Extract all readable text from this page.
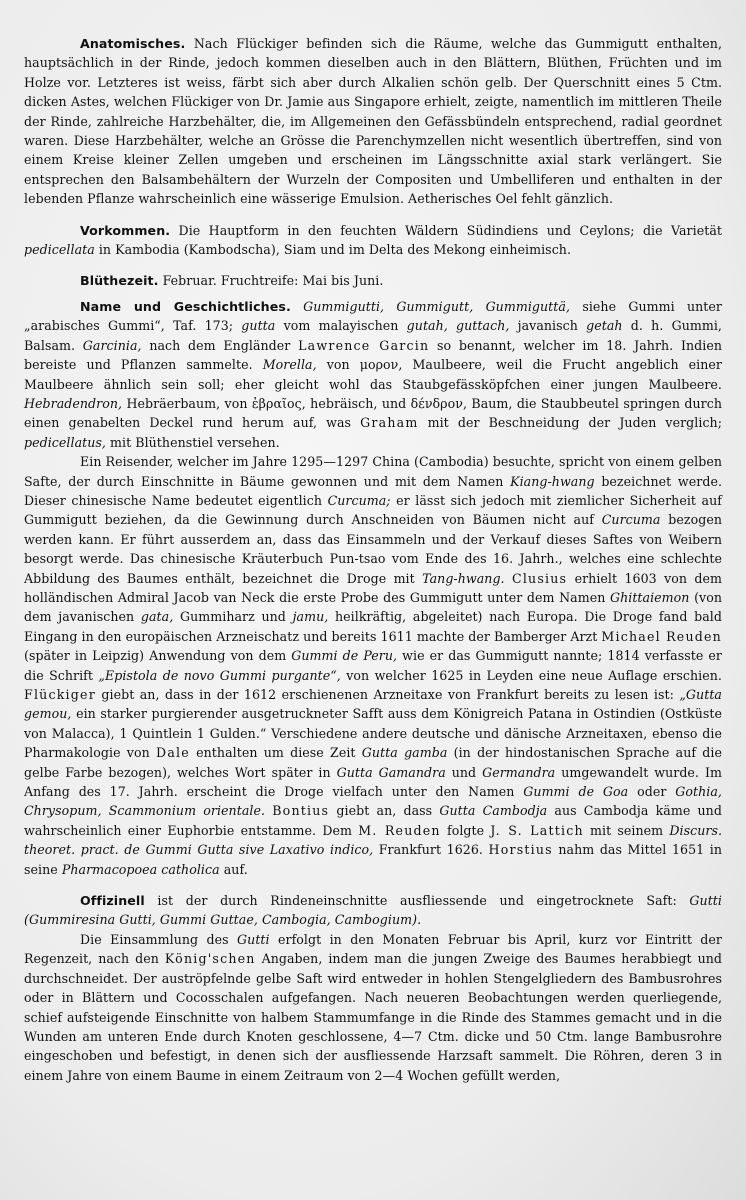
Anatomisches. Nach Flückiger befinden sich die Räume, welche das Gummigutt enthalten, hauptsächlich in der Rinde, jedoch kommen dieselben auch in den Blättern, Blüthen, Früchten und im Holze vor. Letzteres ist weiss, färbt sich aber durch Alkalien schön gelb. Der Querschnitt eines 5 Ctm. dicken Astes, welchen Flückiger von Dr. Jamie aus Singapore erhielt, zeigte, namentlich im mittleren Theile der Rinde, zahlreiche Harzbehälter, die, im Allgemeinen den Gefässbündeln entsprechend, radial geordnet waren. Diese Harzbehälter, welche an Grösse die Parenchymzellen nicht wesentlich übertreffen, sind von einem Kreise kleiner Zellen umgeben und erscheinen im Längsschnitte axial stark verlängert. Sie entsprechen den Balsambehältern der Wurzeln der Compositen und Umbelliferen und enthalten in der lebenden Pflanze wahrscheinlich eine wässerige Emulsion. Aetherisches Oel fehlt gänzlich.

Vorkommen. Die Hauptform in den feuchten Wäldern Südindiens und Ceylons; die Varietät pedicellata in Kambodia (Kambodscha), Siam und im Delta des Mekong einheimisch.

Blüthezeit. Februar. Fruchtreife: Mai bis Juni.

Name und Geschichtliches. Gummigutti, Gummigutt, Gummiguttä, siehe Gummi unter „arabisches Gummi“, Taf. 173; gutta vom malayischen gutah, guttach, javanisch getah d. h. Gummi, Balsam. Garcinia, nach dem Engländer Lawrence Garcin so benannt, welcher im 18. Jahrh. Indien bereiste und Pflanzen sammelte. Morella, von μορον, Maulbeere, weil die Frucht angeblich einer Maulbeere ähnlich sein soll; eher gleicht wohl das Staubgefässköpfchen einer jungen Maulbeere. Hebradendron, Hebräerbaum, von ἑβραῖος, hebräisch, und δένδρον, Baum, die Staubbeutel springen durch einen genabelten Deckel rund herum auf, was Graham mit der Beschneidung der Juden verglich; pedicellatus, mit Blüthenstiel versehen.

Ein Reisender, welcher im Jahre 1295—1297 China (Cambodia) besuchte, spricht von einem gelben Safte, der durch Einschnitte in Bäume gewonnen und mit dem Namen Kiang-hwang bezeichnet werde. Dieser chinesische Name bedeutet eigentlich Curcuma; er lässt sich jedoch mit ziemlicher Sicherheit auf Gummigutt beziehen, da die Gewinnung durch Anschneiden von Bäumen nicht auf Curcuma bezogen werden kann. Er führt ausserdem an, dass das Einsammeln und der Verkauf dieses Saftes von Weibern besorgt werde. Das chinesische Kräuterbuch Pun-tsao vom Ende des 16. Jahrh., welches eine schlechte Abbildung des Baumes enthält, bezeichnet die Droge mit Tang-hwang. Clusius erhielt 1603 von dem holländischen Admiral Jacob van Neck die erste Probe des Gummigutt unter dem Namen Ghittaiemon (von dem javanischen gata, Gummiharz und jamu, heilkräftig, abgeleitet) nach Europa. Die Droge fand bald Eingang in den europäischen Arzneischatz und bereits 1611 machte der Bamberger Arzt Michael Reuden (später in Leipzig) Anwendung von dem Gummi de Peru, wie er das Gummigutt nannte; 1814 verfasste er die Schrift „Epistola de novo Gummi purgante“, von welcher 1625 in Leyden eine neue Auflage erschien. Flückiger giebt an, dass in der 1612 erschienenen Arzneitaxe von Frankfurt bereits zu lesen ist: „Gutta gemou, ein starker purgierender ausgetruckneter Safft auss dem Königreich Patana in Ostindien (Ostküste von Malacca), 1 Quintlein 1 Gulden.“ Verschiedene andere deutsche und dänische Arzneitaxen, ebenso die Pharmakologie von Dale enthalten um diese Zeit Gutta gamba (in der hindostanischen Sprache auf die gelbe Farbe bezogen), welches Wort später in Gutta Gamandra und Germandra umgewandelt wurde. Im Anfang des 17. Jahrh. erscheint die Droge vielfach unter den Namen Gummi de Goa oder Gothia, Chrysopum, Scammonium orientale. Bontius giebt an, dass Gutta Cambodja aus Cambodja käme und wahrscheinlich einer Euphorbie entstamme. Dem M. Reuden folgte J. S. Lattich mit seinem Discurs. theoret. pract. de Gummi Gutta sive Laxativo indico, Frankfurt 1626. Horstius nahm das Mittel 1651 in seine Pharmacopoea catholica auf.

Offizinell ist der durch Rindeneinschnitte ausfliessende und eingetrocknete Saft: Gutti (Gummiresina Gutti, Gummi Guttae, Cambogia, Cambogium).

Die Einsammlung des Gutti erfolgt in den Monaten Februar bis April, kurz vor Eintritt der Regenzeit, nach den König'schen Angaben, indem man die jungen Zweige des Baumes herabbiegt und durchschneidet. Der auströpfelnde gelbe Saft wird entweder in hohlen Stengelgliedern des Bambusrohres oder in Blättern und Cocosschalen aufgefangen. Nach neueren Beobachtungen werden querliegende, schief aufsteigende Einschnitte von halbem Stammumfange in die Rinde des Stammes gemacht und in die Wunden am unteren Ende durch Knoten geschlossene, 4—7 Ctm. dicke und 50 Ctm. lange Bambusrohre eingeschoben und befestigt, in denen sich der ausfliessende Harzsaft sammelt. Die Röhren, deren 3 in einem Jahre von einem Baume in einem Zeitraum von 2—4 Wochen gefüllt werden,
